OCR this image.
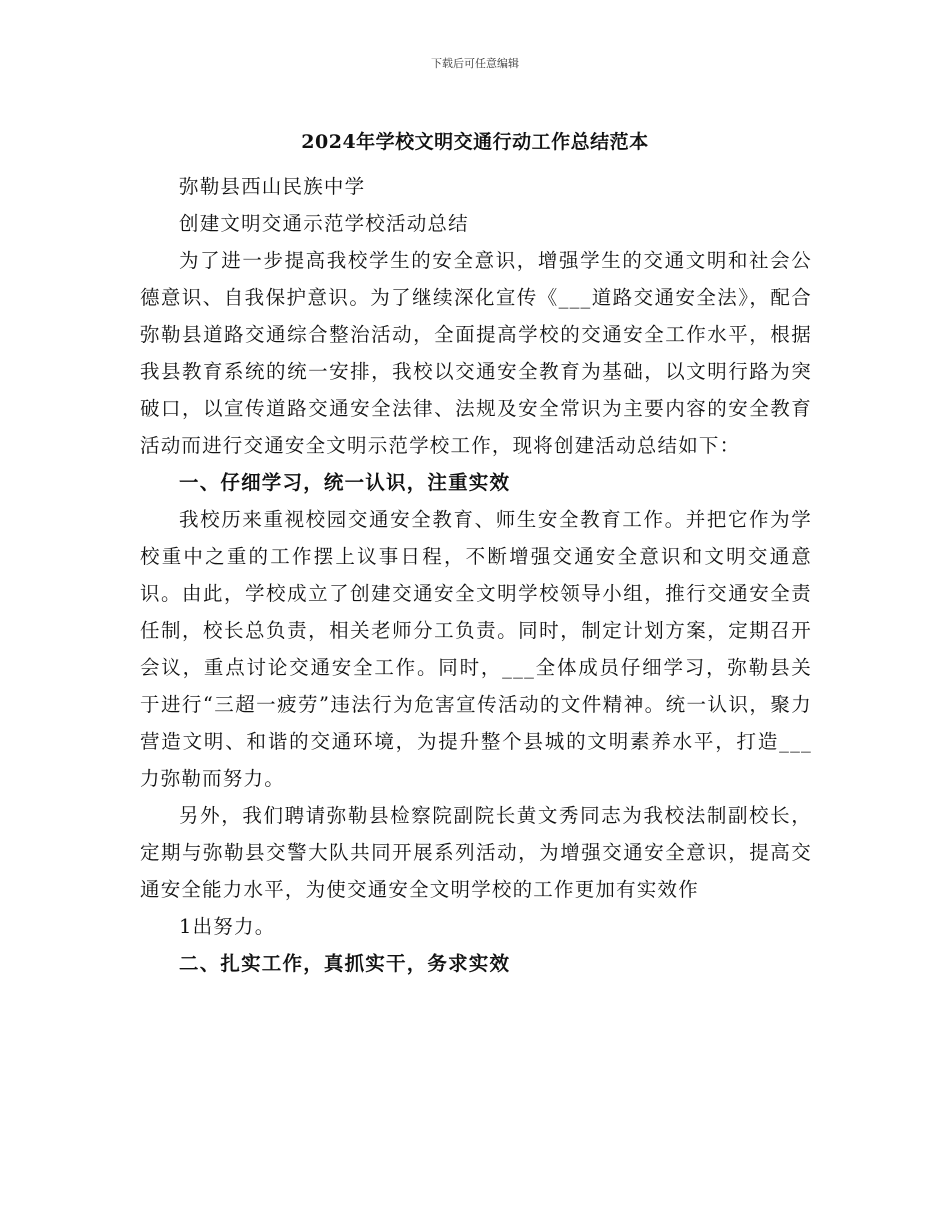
下载后可任意编辑
2024年学校文明交通行动工作总结范本

弥勒县西山民族中学

创建文明交通示范学校活动总结

为了进一步提高我校学生的安全意识，增强学生的交通文明和社会公德意识、自我保护意识。为了继续深化宣传《___道路交通安全法》，配合弥勒县道路交通综合整治活动，全面提高学校的交通安全工作水平，根据我县教育系统的统一安排，我校以交通安全教育为基础，以文明行路为突破口，以宣传道路交通安全法律、法规及安全常识为主要内容的安全教育活动而进行交通安全文明示范学校工作，现将创建活动总结如下：

一、仔细学习，统一认识，注重实效

我校历来重视校园交通安全教育、师生安全教育工作。并把它作为学校重中之重的工作摆上议事日程，不断增强交通安全意识和文明交通意识。由此，学校成立了创建交通安全文明学校领导小组，推行交通安全责任制，校长总负责，相关老师分工负责。同时，制定计划方案，定期召开会议，重点讨论交通安全工作。同时，___全体成员仔细学习，弥勒县关于进行“三超一疲劳”违法行为危害宣传活动的文件精神。统一认识，聚力营造文明、和谐的交通环境，为提升整个县城的文明素养水平，打造___力弥勒而努力。

另外，我们聘请弥勒县检察院副院长黄文秀同志为我校法制副校长，定期与弥勒县交警大队共同开展系列活动，为增强交通安全意识，提高交通安全能力水平，为使交通安全文明学校的工作更加有实效作

1出努力。

二、扎实工作，真抓实干，务求实效
